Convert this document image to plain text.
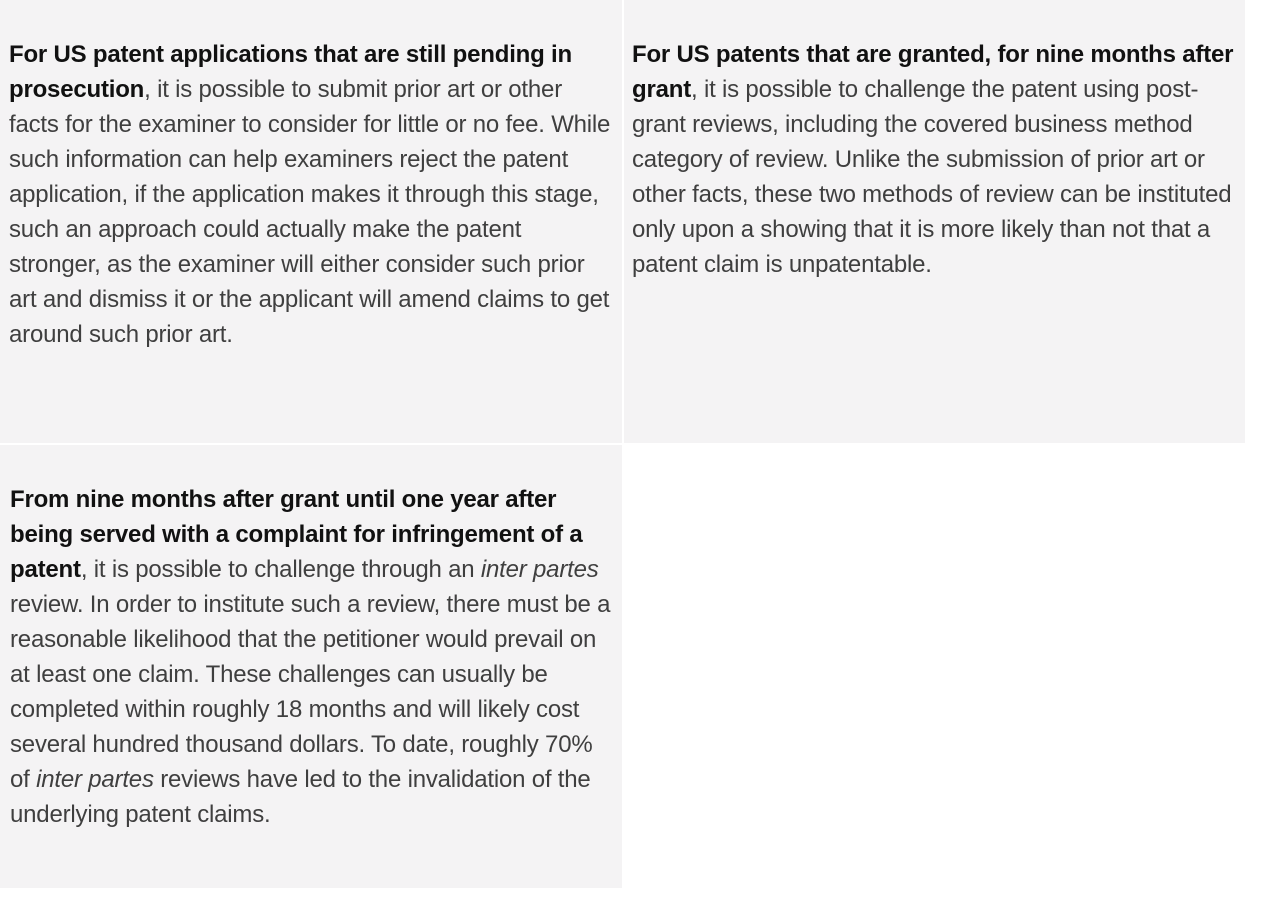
For US patent applications that are still pending in prosecution, it is possible to submit prior art or other facts for the examiner to consider for little or no fee. While such information can help examiners reject the patent application, if the application makes it through this stage, such an approach could actually make the patent stronger, as the examiner will either consider such prior art and dismiss it or the applicant will amend claims to get around such prior art.

For US patents that are granted, for nine months after grant, it is possible to challenge the patent using post-grant reviews, including the covered business method category of review. Unlike the submission of prior art or other facts, these two methods of review can be instituted only upon a showing that it is more likely than not that a patent claim is unpatentable.

From nine months after grant until one year after being served with a complaint for infringement of a patent, it is possible to challenge through an inter partes review. In order to institute such a review, there must be a reasonable likelihood that the petitioner would prevail on at least one claim. These challenges can usually be completed within roughly 18 months and will likely cost several hundred thousand dollars. To date, roughly 70% of inter partes reviews have led to the invalidation of the underlying patent claims.
